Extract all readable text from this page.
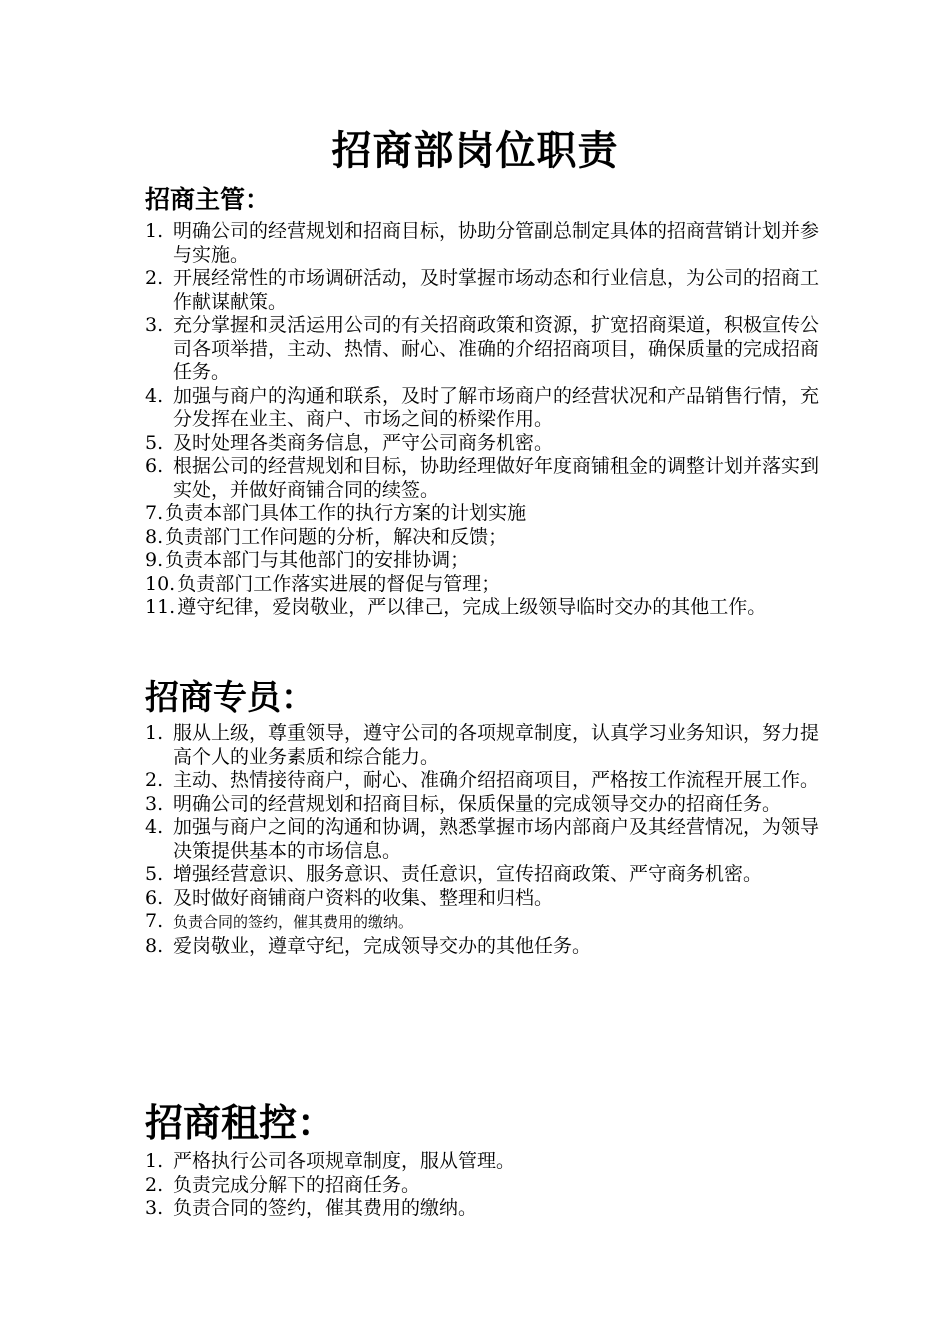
招商部岗位职责
招商主管：
1. 明确公司的经营规划和招商目标，协助分管副总制定具体的招商营销计划并参与实施。
2. 开展经常性的市场调研活动，及时掌握市场动态和行业信息，为公司的招商工作献谋献策。
3. 充分掌握和灵活运用公司的有关招商政策和资源，扩宽招商渠道，积极宣传公司各项举措，主动、热情、耐心、准确的介绍招商项目，确保质量的完成招商任务。
4. 加强与商户的沟通和联系，及时了解市场商户的经营状况和产品销售行情，充分发挥在业主、商户、市场之间的桥梁作用。
5. 及时处理各类商务信息，严守公司商务机密。
6. 根据公司的经营规划和目标，协助经理做好年度商铺租金的调整计划并落实到实处，并做好商铺合同的续签。
7. 负责本部门具体工作的执行方案的计划实施
8. 负责部门工作问题的分析，解决和反馈；
9. 负责本部门与其他部门的安排协调；
10. 负责部门工作落实进展的督促与管理；
11. 遵守纪律，爱岗敬业，严以律己，完成上级领导临时交办的其他工作。
招商专员：
1. 服从上级，尊重领导，遵守公司的各项规章制度，认真学习业务知识，努力提高个人的业务素质和综合能力。
2. 主动、热情接待商户，耐心、准确介绍招商项目，严格按工作流程开展工作。
3. 明确公司的经营规划和招商目标，保质保量的完成领导交办的招商任务。
4. 加强与商户之间的沟通和协调，熟悉掌握市场内部商户及其经营情况，为领导决策提供基本的市场信息。
5. 增强经营意识、服务意识、责任意识，宣传招商政策、严守商务机密。
6. 及时做好商铺商户资料的收集、整理和归档。
7. 负责合同的签约，催其费用的缴纳。
8. 爱岗敬业，遵章守纪，完成领导交办的其他任务。
招商租控：
1. 严格执行公司各项规章制度，服从管理。
2. 负责完成分解下的招商任务。
3. 负责合同的签约，催其费用的缴纳。
